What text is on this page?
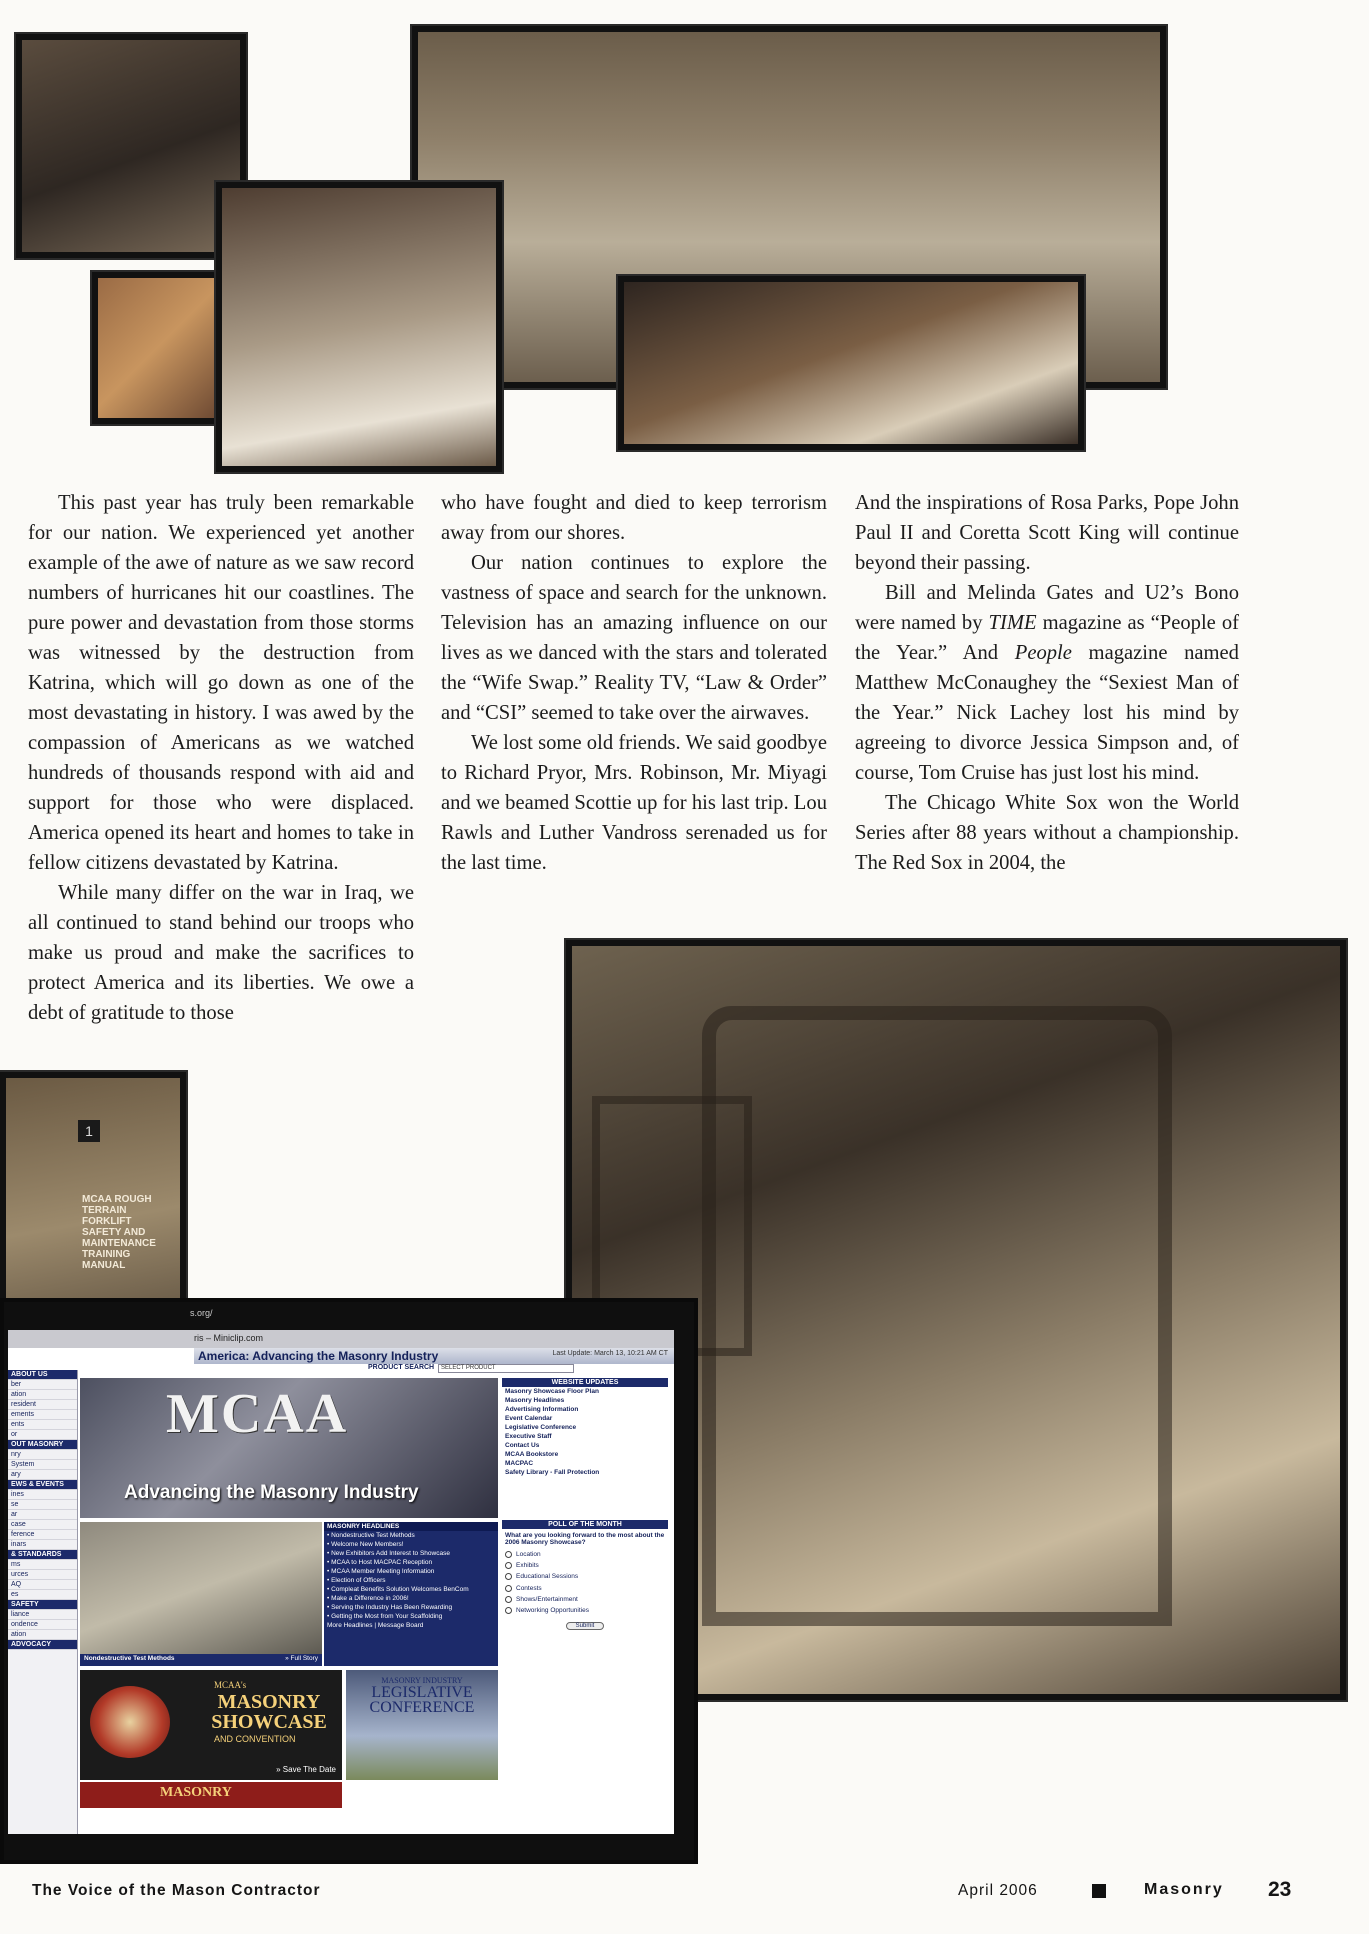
This past year has truly been remarkable for our nation. We experienced yet another example of the awe of nature as we saw record numbers of hurricanes hit our coastlines. The pure power and devastation from those storms was witnessed by the destruction from Katrina, which will go down as one of the most devastating in history. I was awed by the compassion of Americans as we watched hundreds of thousands respond with aid and support for those who were displaced. America opened its heart and homes to take in fellow citizens devastated by Katrina.

While many differ on the war in Iraq, we all continued to stand behind our troops who make us proud and make the sacrifices to protect America and its liberties. We owe a debt of gratitude to those

who have fought and died to keep terrorism away from our shores.

Our nation continues to explore the vastness of space and search for the unknown. Television has an amazing influence on our lives as we danced with the stars and tolerated the “Wife Swap.” Reality TV, “Law & Order” and “CSI” seemed to take over the airwaves.

We lost some old friends. We said goodbye to Richard Pryor, Mrs. Robinson, Mr. Miyagi and we beamed Scottie up for his last trip. Lou Rawls and Luther Vandross serenaded us for the last time.

And the inspirations of Rosa Parks, Pope John Paul II and Coretta Scott King will continue beyond their passing.

Bill and Melinda Gates and U2’s Bono were named by TIME magazine as “People of the Year.” And People magazine named Matthew McConaughey the “Sexiest Man of the Year.” Nick Lachey lost his mind by agreeing to divorce Jessica Simpson and, of course, Tom Cruise has just lost his mind.

The Chicago White Sox won the World Series after 88 years without a championship. The Red Sox in 2004, the

1
MCAA ROUGH TERRAIN FORKLIFT SAFETY AND MAINTENANCE TRAINING MANUAL
s.org/
ris – Miniclip.com
America: Advancing the Masonry Industry	Last Update: March 13, 10:21 AM CT
PRODUCT SEARCH	SELECT PRODUCT
ABOUT US
ber
ation
resident
ements
ents
or
OUT MASONRY
nry
System
ary
EWS & EVENTS
ines
se
ar
case
ference
inars
& STANDARDS
ms
urces
AQ
es
SAFETY
liance
ondence
ation
ADVOCACY
MCAA
Advancing the Masonry Industry
WEBSITE UPDATES
Masonry Showcase Floor Plan
Masonry Headlines
Advertising Information
Event Calendar
Legislative Conference
Executive Staff
Contact Us
MCAA Bookstore
MACPAC
Safety Library - Fall Protection
» Full Story
Nondestructive Test Methods
MASONRY HEADLINES
• Nondestructive Test Methods
• Welcome New Members!
• New Exhibitors Add Interest to Showcase
• MCAA to Host MACPAC Reception
• MCAA Member Meeting Information
• Election of Officers
• Compleat Benefits Solution Welcomes BenCom
• Make a Difference in 2006!
• Serving the Industry Has Been Rewarding
• Getting the Most from Your Scaffolding
More Headlines | Message Board
POLL OF THE MONTH
What are you looking forward to the most about the 2006 Masonry Showcase?
Location
Exhibits
Educational Sessions
Contests
Shows/Entertainment
Networking Opportunities
Submit
MCAA's
MASONRY SHOWCASE
AND CONVENTION
» Save The Date
MASONRY INDUSTRY
LEGISLATIVE CONFERENCE
MASONRY
The Voice of the Mason Contractor	April 2006	Masonry 23
